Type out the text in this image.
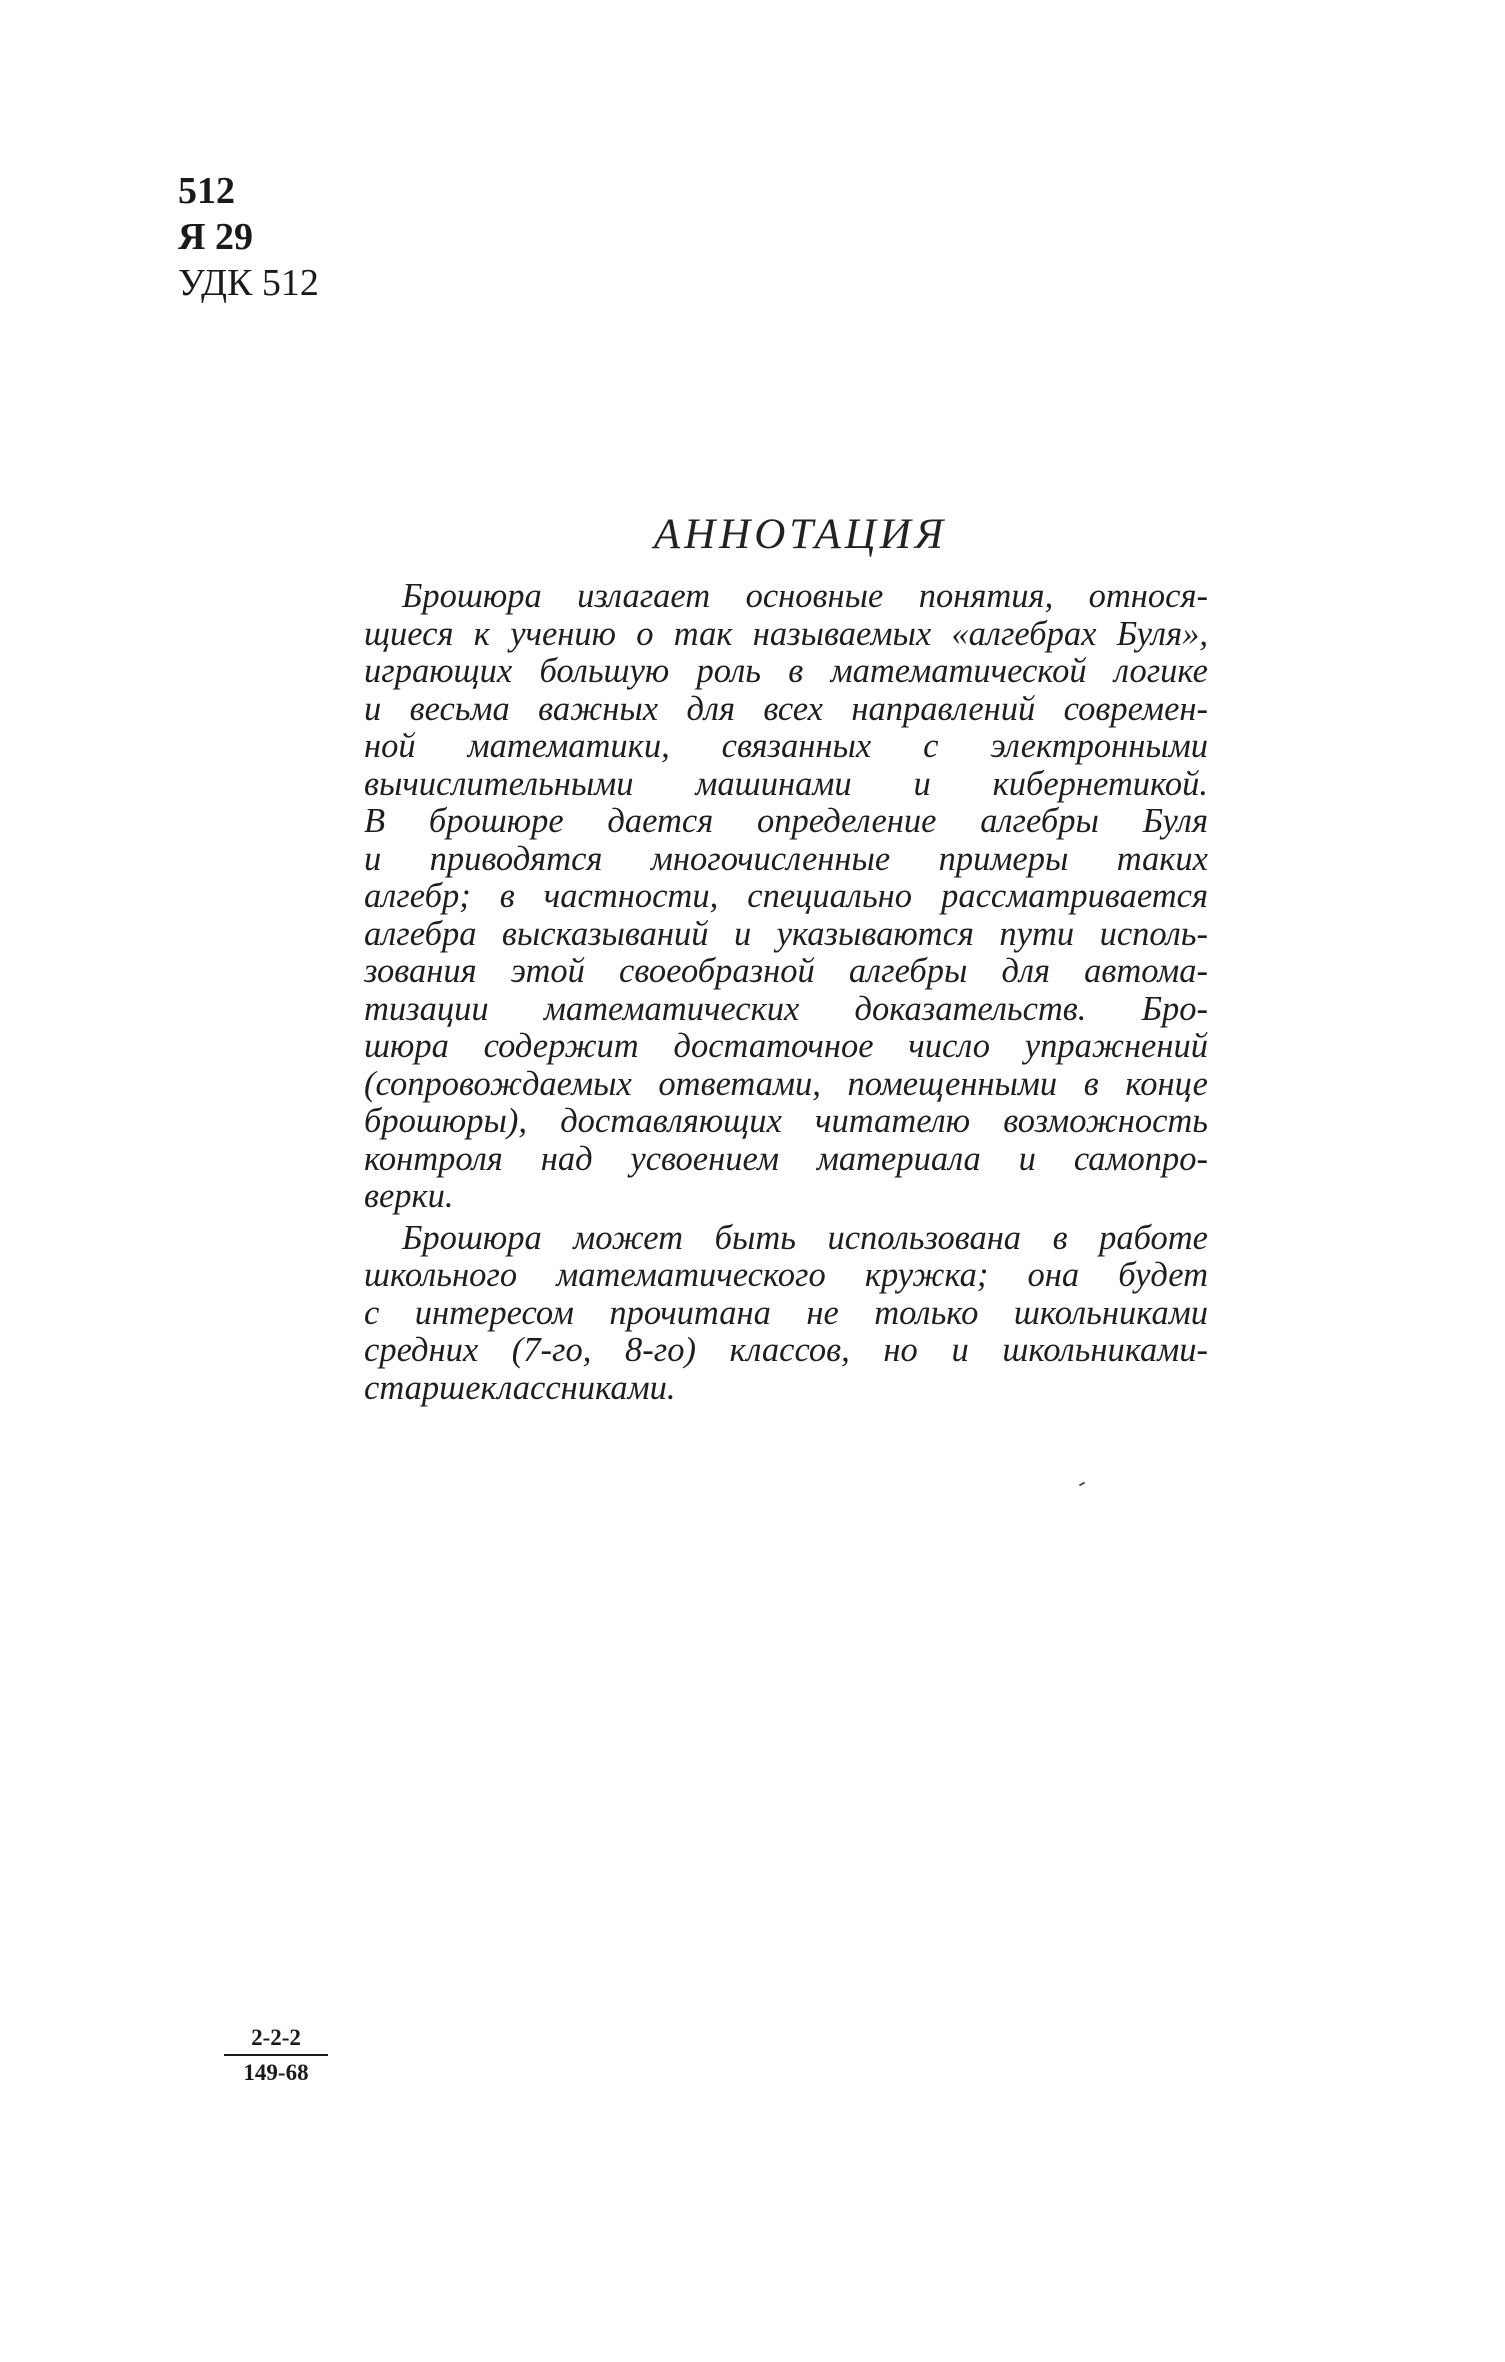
512
Я 29
УДК 512
АННОТАЦИЯ
Брошюра излагает основные понятия, относя-
щиеся к учению о так называемых «алгебрах Буля»,
играющих большую роль в математической логике
и весьма важных для всех направлений современ-
ной математики, связанных с электронными
вычислительными машинами и кибернетикой.
В брошюре дается определение алгебры Буля
и приводятся многочисленные примеры таких
алгебр; в частности, специально рассматривается
алгебра высказываний и указываются пути исполь-
зования этой своеобразной алгебры для автома-
тизации математических доказательств. Бро-
шюра содержит достаточное число упражнений
(сопровождаемых ответами, помещенными в конце
брошюры), доставляющих читателю возможность
контроля над усвоением материала и самопро-
верки.
Брошюра может быть использована в работе
школьного математического кружка; она будет
с интересом прочитана не только школьниками
средних (7-го, 8-го) классов, но и школьниками-
старшеклассниками.
2-2-2
149-68
